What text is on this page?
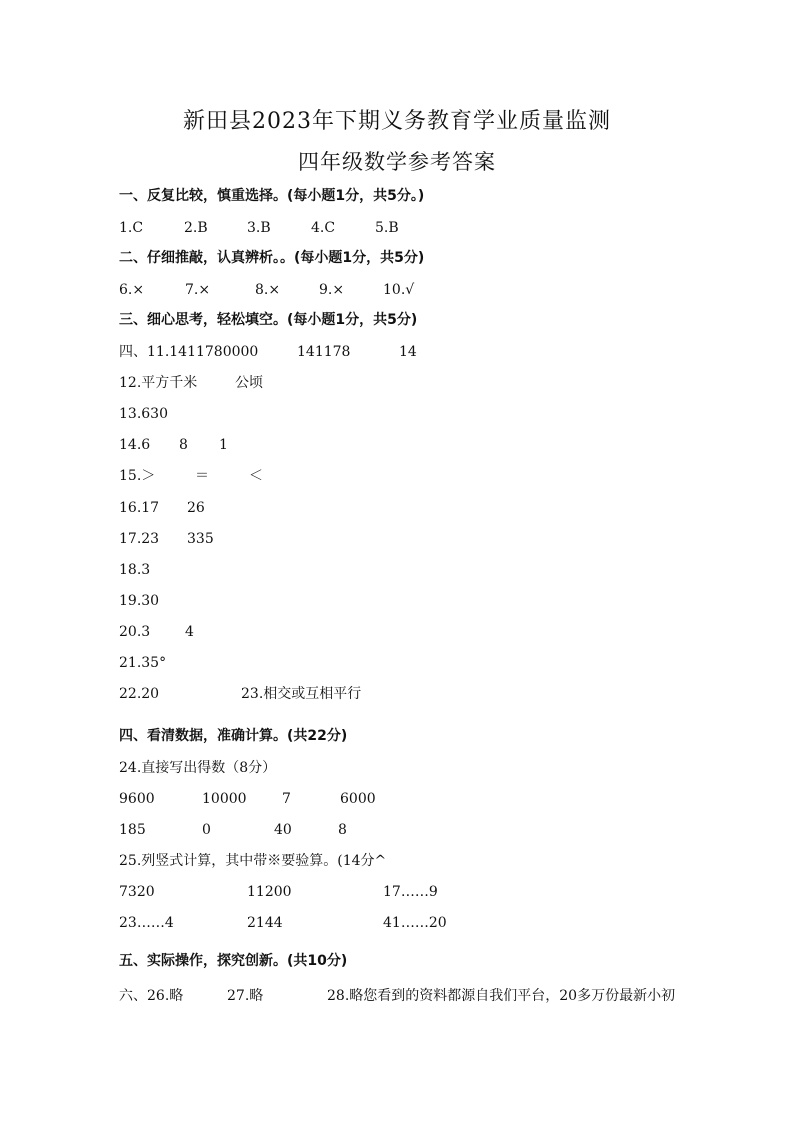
新田县2023年下期义务教育学业质量监测
四年级数学参考答案
一、反复比较，慎重选择。(每小题1分，共5分。)
1.C	2.B	3.B	4.C	5.B
二、仔细推敲，认真辨析。。(每小题1分，共5分)
6.×	7.×	8.×	9.×	10.√
三、细心思考，轻松填空。(每小题1分，共5分)
四、11.1411780000	141178	14
12.平方千米	公顷
13.630
14.6 8 1
15.＞	＝	＜
16.17 26
17.23 335
18.3
19.30
20.3 4
21.35°
22.20	23.相交或互相平行
四、看清数据，准确计算。(共22分)
24.直接写出得数（8分）
9600	10000	7	6000
185	0	40	8
25.列竖式计算，其中带※要验算。(14分^
7320	11200	17……9
23……4	2144	41……20
五、实际操作，探究创新。(共10分)
六、26.略	27.略	28.略您看到的资料都源自我们平台，20多万份最新小初
